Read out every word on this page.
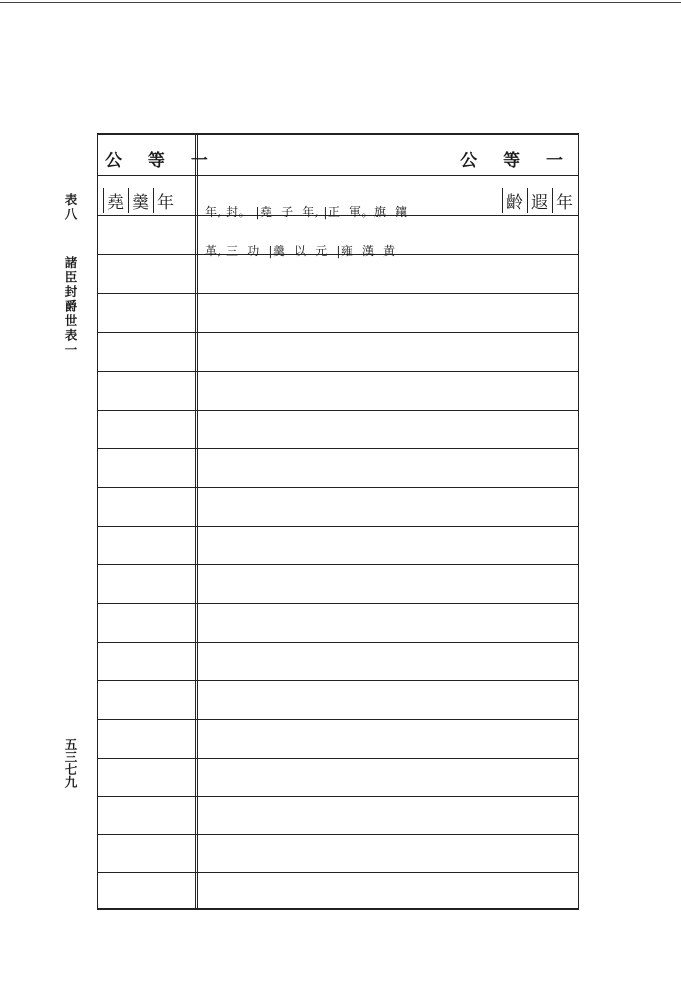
表八
諸臣封爵世表一
五三七九
公 等 一	公 等 一
堯 羹 年

	年, 封。 |堯  子  年, |正  軍。旗  鑲

革, 三  功  |羹  以  元  |雍  漢  黄

齡 遐 年
